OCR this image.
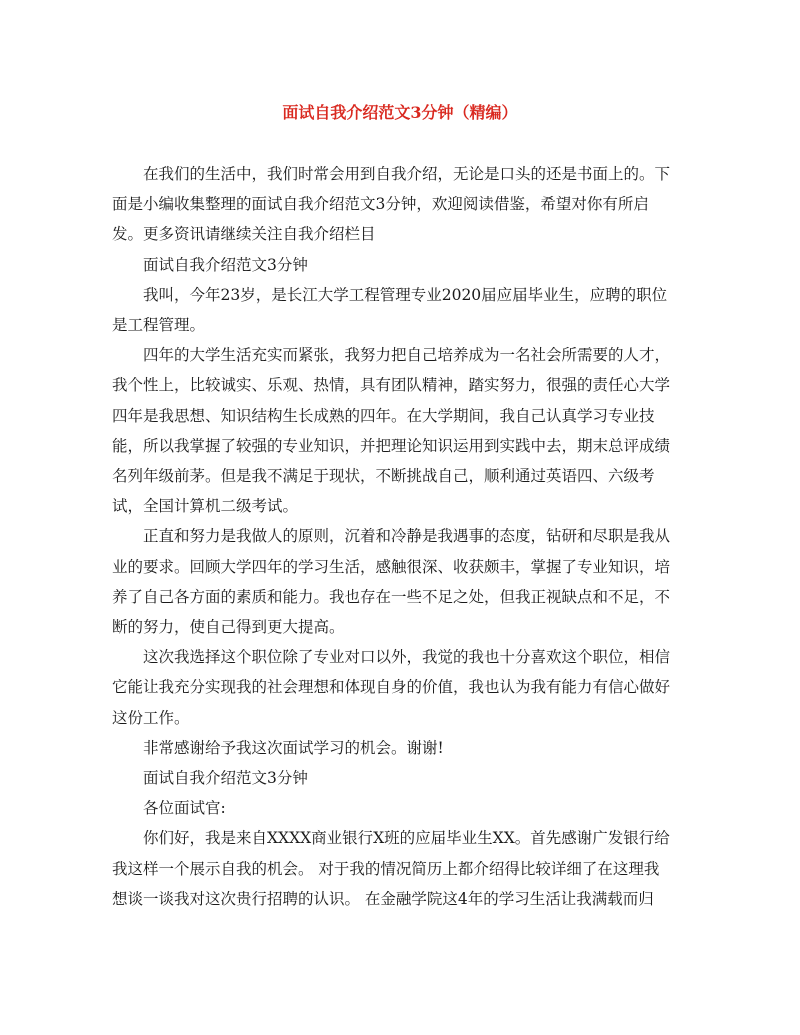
面试自我介绍范文3分钟（精编）

在我们的生活中，我们时常会用到自我介绍，无论是口头的还是书面上的。下面是小编收集整理的面试自我介绍范文3分钟，欢迎阅读借鉴，希望对你有所启发。更多资讯请继续关注自我介绍栏目

面试自我介绍范文3分钟

我叫，今年23岁，是长江大学工程管理专业2020届应届毕业生，应聘的职位是工程管理。

四年的大学生活充实而紧张，我努力把自己培养成为一名社会所需要的人才，我个性上，比较诚实、乐观、热情，具有团队精神，踏实努力，很强的责任心大学四年是我思想、知识结构生长成熟的四年。在大学期间，我自己认真学习专业技能，所以我掌握了较强的专业知识，并把理论知识运用到实践中去，期末总评成绩名列年级前茅。但是我不满足于现状，不断挑战自己，顺利通过英语四、六级考试，全国计算机二级考试。

正直和努力是我做人的原则，沉着和冷静是我遇事的态度，钻研和尽职是我从业的要求。回顾大学四年的学习生活，感触很深、收获颇丰，掌握了专业知识，培养了自己各方面的素质和能力。我也存在一些不足之处，但我正视缺点和不足，不断的努力，使自己得到更大提高。

这次我选择这个职位除了专业对口以外，我觉的我也十分喜欢这个职位，相信它能让我充分实现我的社会理想和体现自身的价值，我也认为我有能力有信心做好这份工作。

非常感谢给予我这次面试学习的机会。谢谢!

面试自我介绍范文3分钟

各位面试官:

你们好，我是来自XXXX商业银行X班的应届毕业生XX。首先感谢广发银行给我这样一个展示自我的机会。 对于我的情况简历上都介绍得比较详细了在这理我想谈一谈我对这次贵行招聘的认识。 在金融学院这4年的学习生活让我满载而归
